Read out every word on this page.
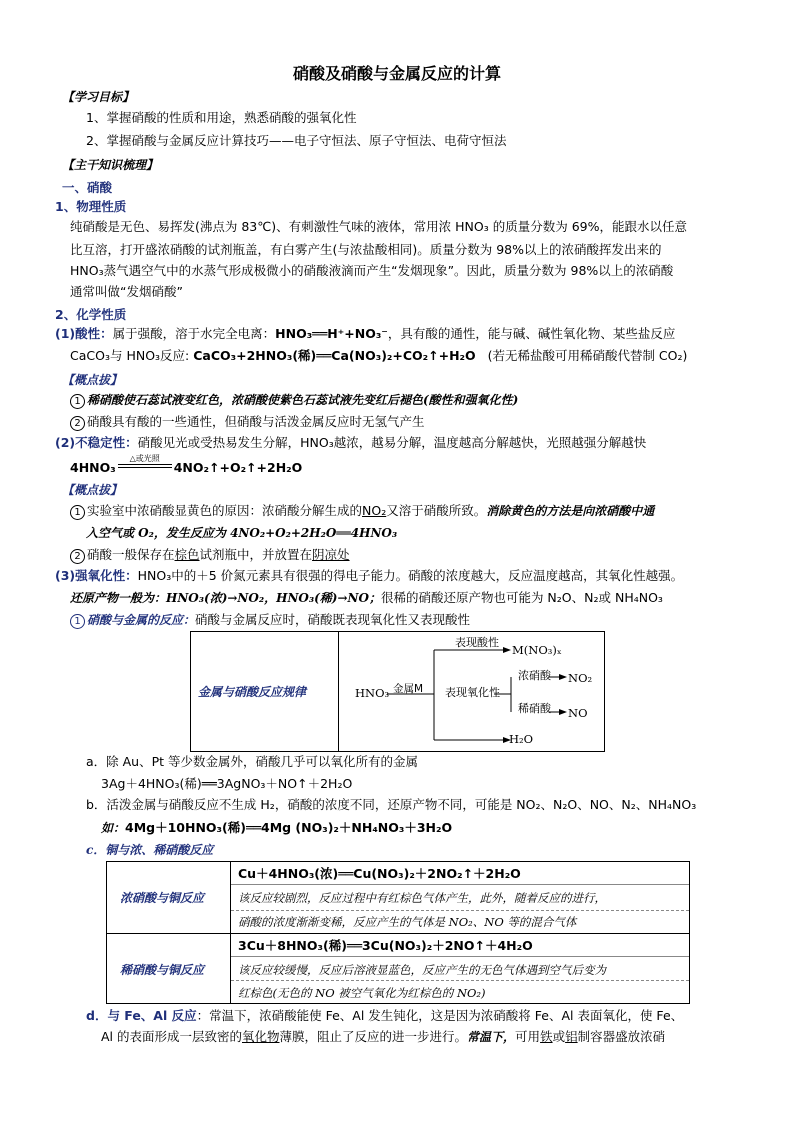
硝酸及硝酸与金属反应的计算
【学习目标】
1、掌握硝酸的性质和用途，熟悉硝酸的强氧化性
2、掌握硝酸与金属反应计算技巧——电子守恒法、原子守恒法、电荷守恒法
【主干知识梳理】
一、硝酸
1、物理性质
纯硝酸是无色、易挥发(沸点为 83℃)、有刺激性气味的液体，常用浓 HNO₃ 的质量分数为 69%，能跟水以任意
比互溶，打开盛浓硝酸的试剂瓶盖，有白雾产生(与浓盐酸相同)。质量分数为 98%以上的浓硝酸挥发出来的
HNO₃蒸气遇空气中的水蒸气形成极微小的硝酸液滴而产生“发烟现象”。因此，质量分数为 98%以上的浓硝酸
通常叫做“发烟硝酸”
2、化学性质
(1)酸性：属于强酸，溶于水完全电离：HNO₃══H⁺+NO₃⁻，具有酸的通性，能与碱、碱性氧化物、某些盐反应
CaCO₃与 HNO₃反应: CaCO₃+2HNO₃(稀)══Ca(NO₃)₂+CO₂↑+H₂O (若无稀盐酸可用稀硝酸代替制 CO₂)
【概点拔】
1 稀硝酸使石蕊试液变红色，浓硝酸使紫色石蕊试液先变红后褪色(酸性和强氧化性)
2 硝酸具有酸的一些通性，但硝酸与活泼金属反应时无氢气产生
(2)不稳定性：硝酸见光或受热易发生分解，HNO₃越浓，越易分解，温度越高分解越快，光照越强分解越快
4HNO₃
△或光照
4NO₂↑+O₂↑+2H₂O
【概点拔】
1 实验室中浓硝酸显黄色的原因：浓硝酸分解生成的NO₂又溶于硝酸所致。消除黄色的方法是向浓硝酸中通
入空气或 O₂，发生反应为 4NO₂+O₂+2H₂O══4HNO₃
2 硝酸一般保存在棕色试剂瓶中，并放置在阴凉处
(3)强氧化性：HNO₃中的＋5 价氮元素具有很强的得电子能力。硝酸的浓度越大，反应温度越高，其氧化性越强。
还原产物一般为：HNO₃(浓)→NO₂，HNO₃(稀)→NO；很稀的硝酸还原产物也可能为 N₂O、N₂或 NH₄NO₃
1 硝酸与金属的反应：硝酸与金属反应时，硝酸既表现氧化性又表现酸性
金属与硝酸反应规律	HNO₃ 金属M
表现酸性
M(NO₃)ₓ
表现氧化性
浓硝酸 NO₂
稀硝酸 NO
H₂O
a．除 Au、Pt 等少数金属外，硝酸几乎可以氧化所有的金属
3Ag＋4HNO₃(稀)══3AgNO₃＋NO↑＋2H₂O
b．活泼金属与硝酸反应不生成 H₂，硝酸的浓度不同，还原产物不同，可能是 NO₂、N₂O、NO、N₂、NH₄NO₃
如：4Mg＋10HNO₃(稀)══4Mg (NO₃)₂＋NH₄NO₃＋3H₂O
c．铜与浓、稀硝酸反应
浓硝酸与铜反应
Cu＋4HNO₃(浓)══Cu(NO₃)₂＋2NO₂↑＋2H₂O
该反应较剧烈，反应过程中有红棕色气体产生，此外，随着反应的进行，
硝酸的浓度渐渐变稀，反应产生的气体是 NO₂、NO 等的混合气体
稀硝酸与铜反应
3Cu＋8HNO₃(稀)══3Cu(NO₃)₂＋2NO↑＋4H₂O
该反应较缓慢，反应后溶液显蓝色，反应产生的无色气体遇到空气后变为
红棕色(无色的 NO 被空气氧化为红棕色的 NO₂)
d．与 Fe、Al 反应：常温下，浓硝酸能使 Fe、Al 发生钝化，这是因为浓硝酸将 Fe、Al 表面氧化，使 Fe、
Al 的表面形成一层致密的氧化物薄膜，阻止了反应的进一步进行。常温下，可用铁或铝制容器盛放浓硝
